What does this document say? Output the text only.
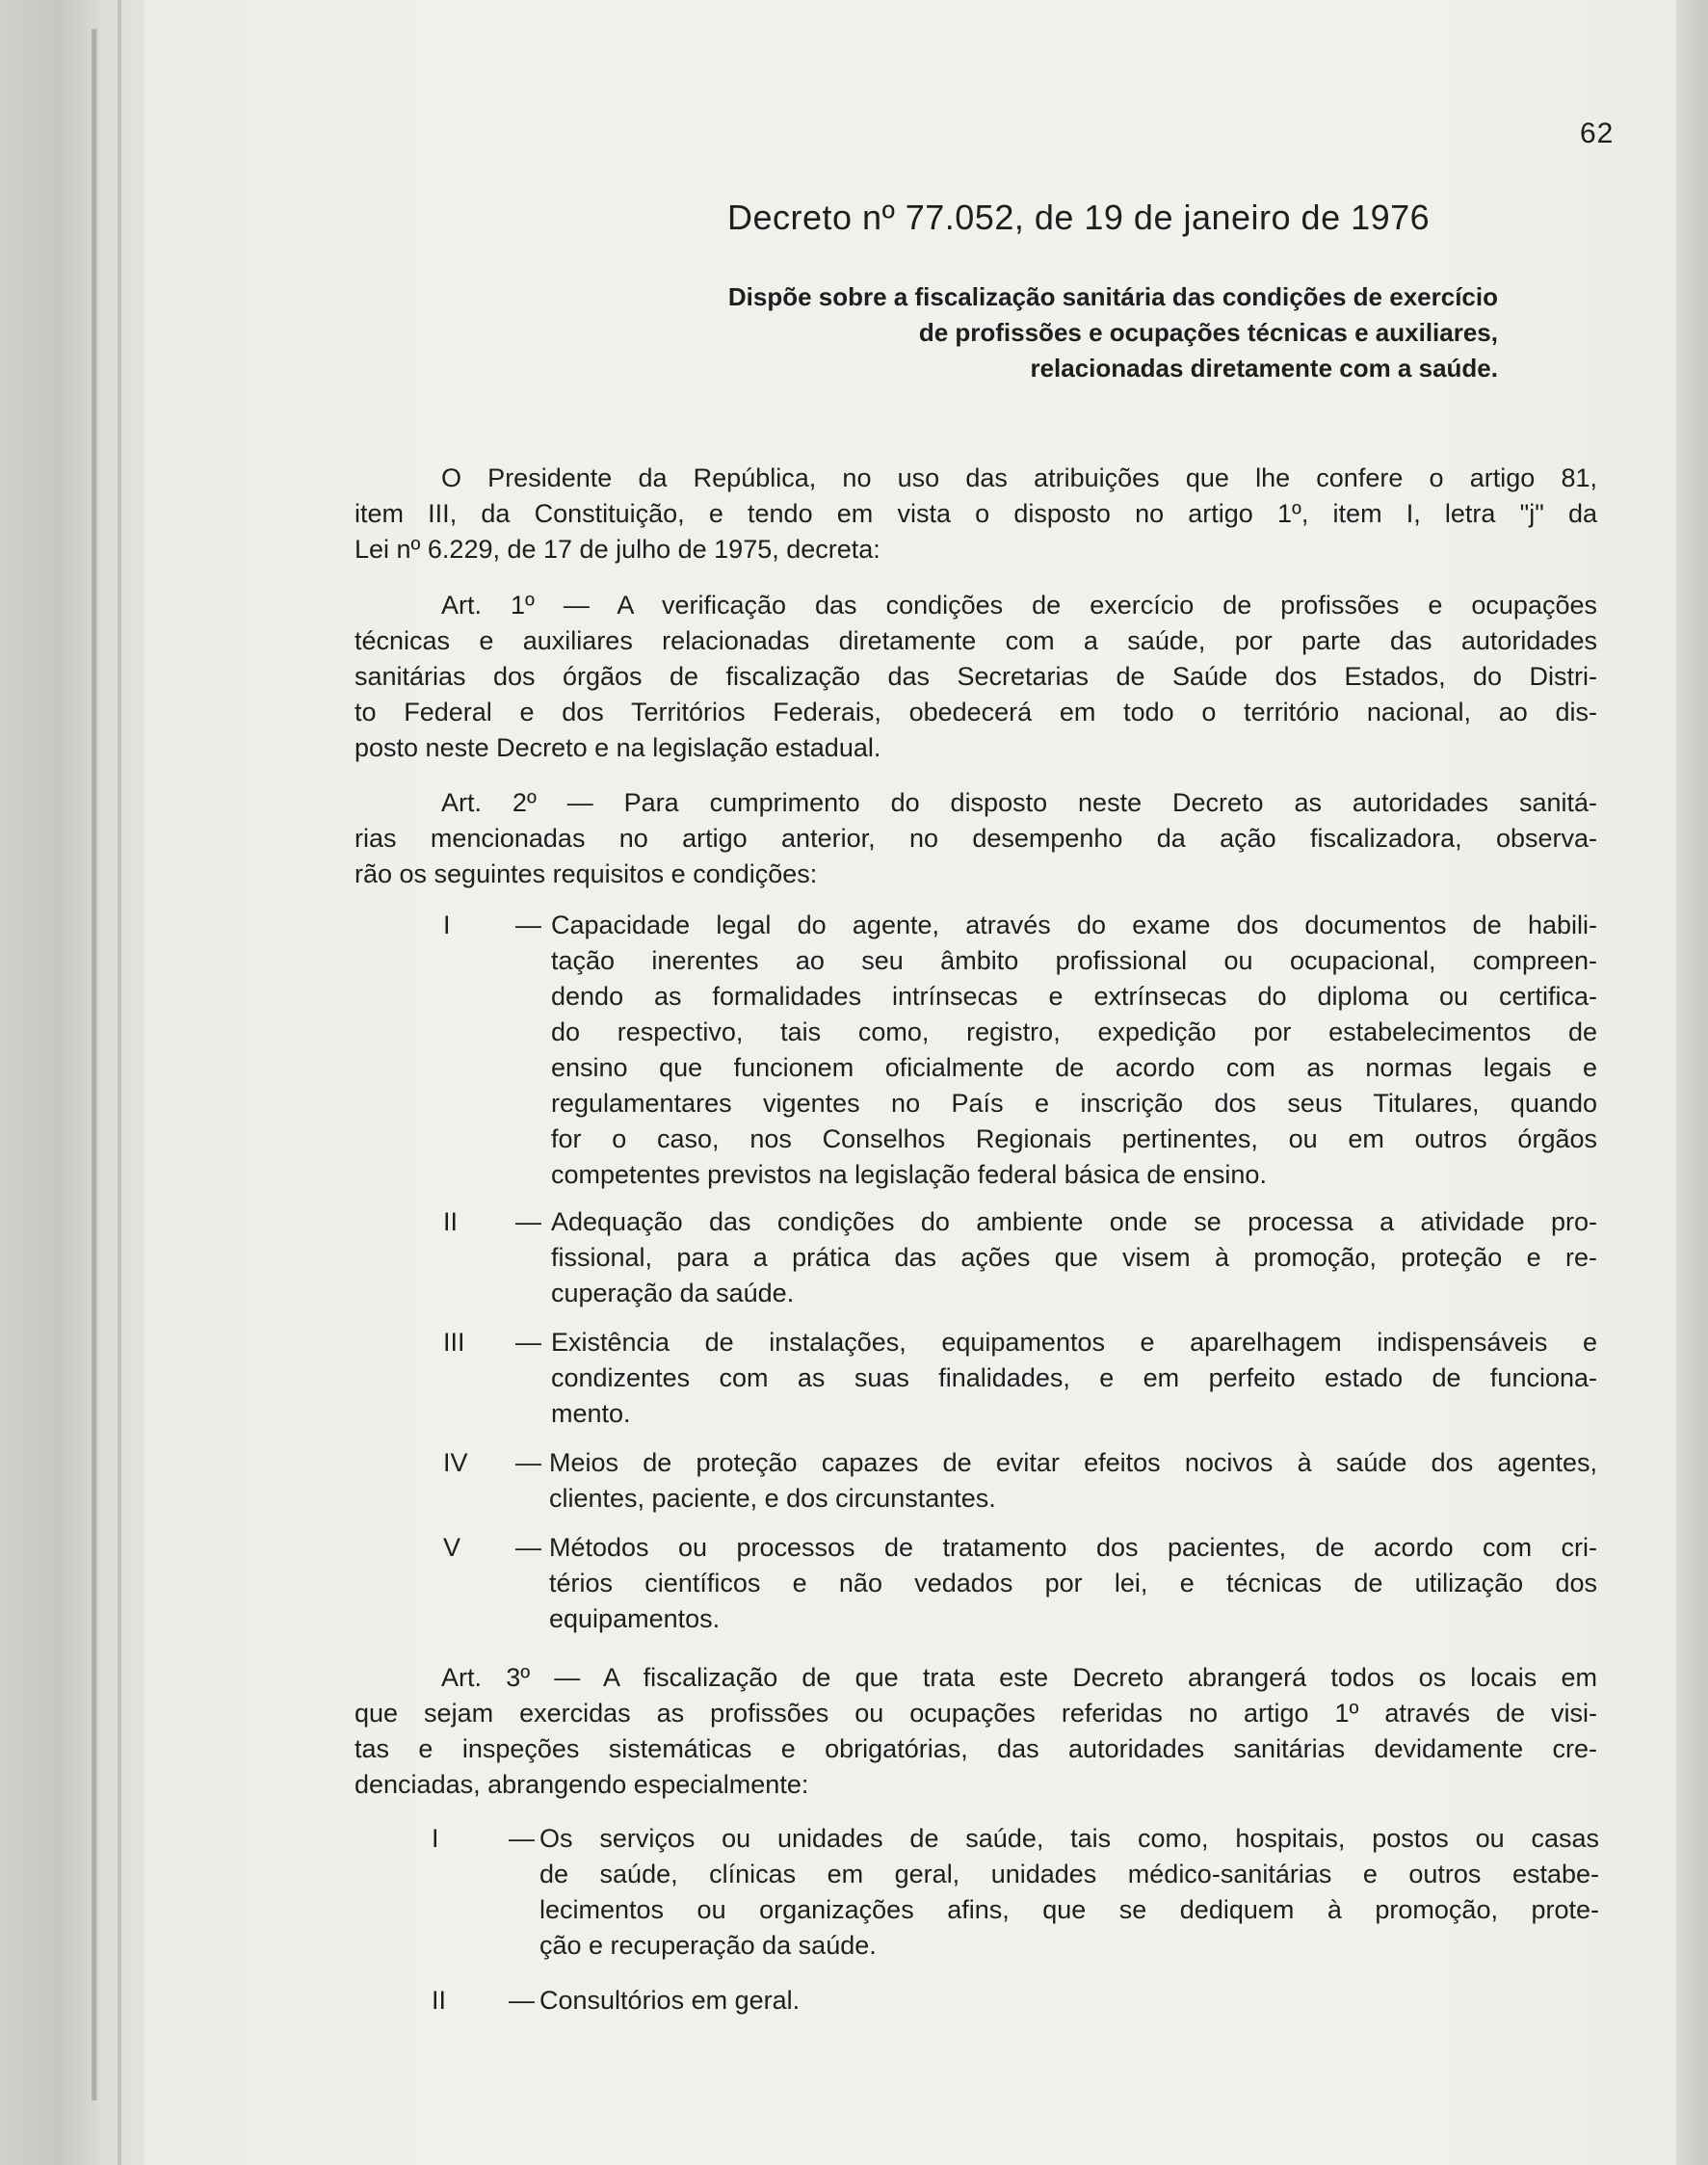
62
Decreto nº 77.052, de 19 de janeiro de 1976
Dispõe sobre a fiscalização sanitária das condições de exercício
de profissões e ocupações técnicas e auxiliares,
relacionadas diretamente com a saúde.
O Presidente da República, no uso das atribuições que lhe confere o artigo 81,
item III, da Constituição, e tendo em vista o disposto no artigo 1º, item I, letra "j" da
Lei nº 6.229, de 17 de julho de 1975, decreta:
Art. 1º — A verificação das condições de exercício de profissões e ocupações
técnicas e auxiliares relacionadas diretamente com a saúde, por parte das autoridades
sanitárias dos órgãos de fiscalização das Secretarias de Saúde dos Estados, do Distri-
to Federal e dos Territórios Federais, obedecerá em todo o território nacional, ao dis-
posto neste Decreto e na legislação estadual.
Art. 2º — Para cumprimento do disposto neste Decreto as autoridades sanitá-
rias mencionadas no artigo anterior, no desempenho da ação fiscalizadora, observa-
rão os seguintes requisitos e condições:
I — Capacidade legal do agente, através do exame dos documentos de habili-
tação inerentes ao seu âmbito profissional ou ocupacional, compreen-
dendo as formalidades intrínsecas e extrínsecas do diploma ou certifica-
do respectivo, tais como, registro, expedição por estabelecimentos de
ensino que funcionem oficialmente de acordo com as normas legais e
regulamentares vigentes no País e inscrição dos seus Titulares, quando
for o caso, nos Conselhos Regionais pertinentes, ou em outros órgãos
competentes previstos na legislação federal básica de ensino.
II — Adequação das condições do ambiente onde se processa a atividade pro-
fissional, para a prática das ações que visem à promoção, proteção e re-
cuperação da saúde.
III — Existência de instalações, equipamentos e aparelhagem indispensáveis e
condizentes com as suas finalidades, e em perfeito estado de funciona-
mento.
IV — Meios de proteção capazes de evitar efeitos nocivos à saúde dos agentes,
clientes, paciente, e dos circunstantes.
V — Métodos ou processos de tratamento dos pacientes, de acordo com cri-
térios científicos e não vedados por lei, e técnicas de utilização dos
equipamentos.
Art. 3º — A fiscalização de que trata este Decreto abrangerá todos os locais em
que sejam exercidas as profissões ou ocupações referidas no artigo 1º através de visi-
tas e inspeções sistemáticas e obrigatórias, das autoridades sanitárias devidamente cre-
denciadas, abrangendo especialmente:
I	— Os serviços ou unidades de saúde, tais como, hospitais, postos ou casas
de saúde, clínicas em geral, unidades médico-sanitárias e outros estabe-
lecimentos ou organizações afins, que se dediquem à promoção, prote-
ção e recuperação da saúde.
II — Consultórios em geral.
